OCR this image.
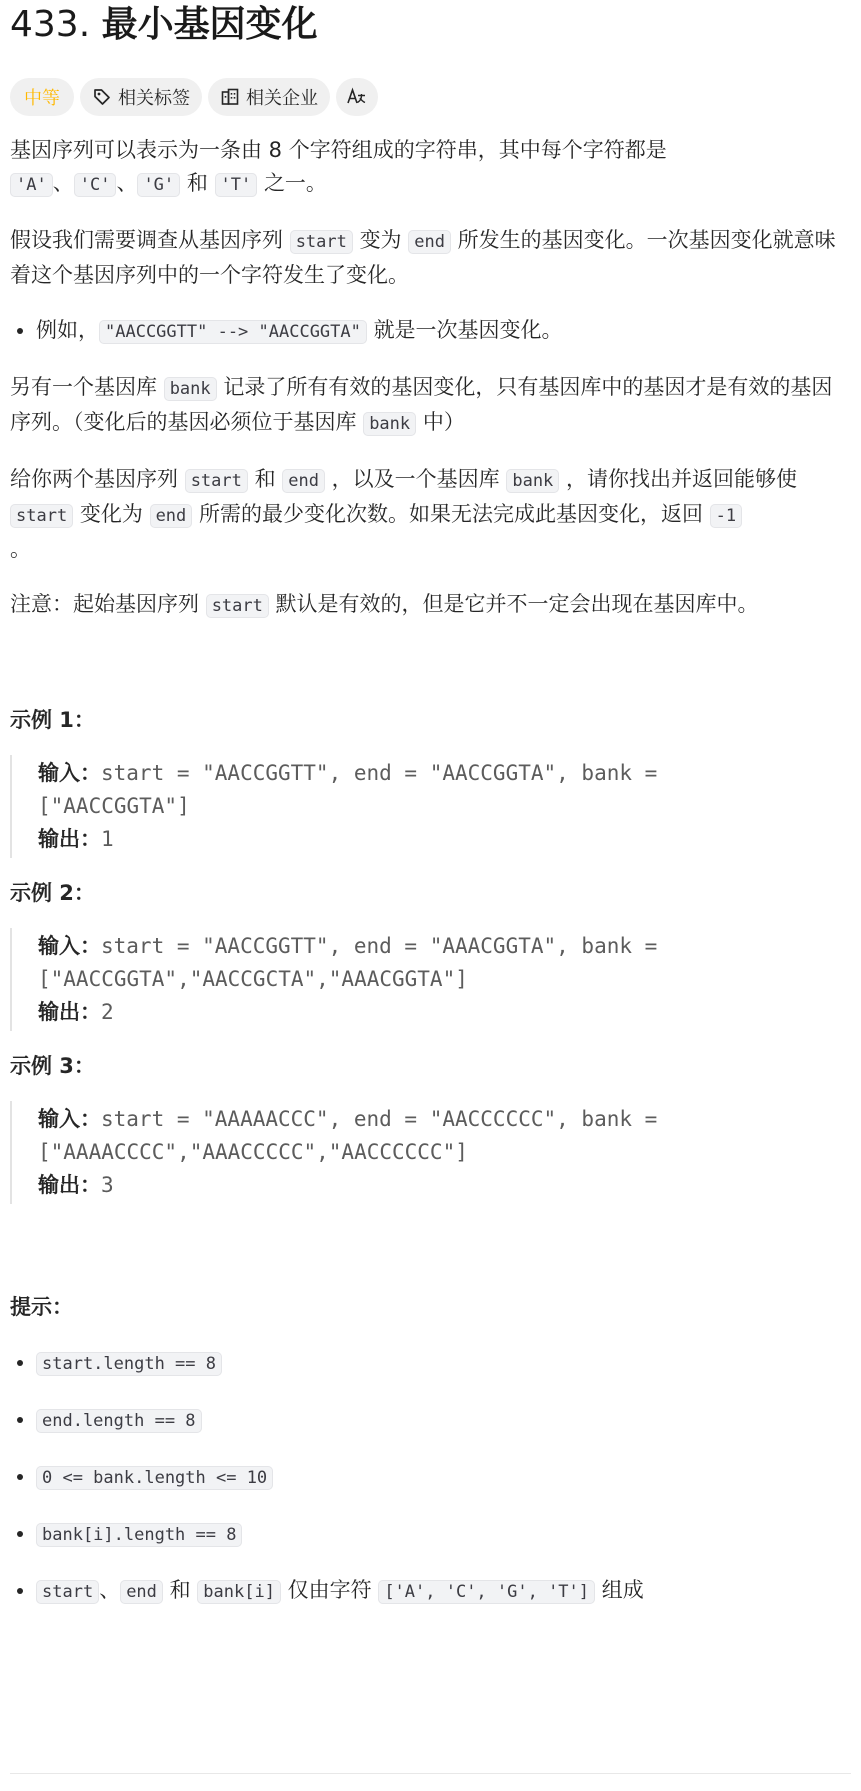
433. 最小基因变化
中等	相关标签	相关企业

基因序列可以表示为一条由 8 个字符组成的字符串，其中每个字符都是
'A' 、 'C' 、 'G' 和 'T' 之一。

假设我们需要调查从基因序列 start 变为 end 所发生的基因变化。一次基因变化就意味着这个基因序列中的一个字符发生了变化。

• 例如， "AACCGGTT" --> "AACCGGTA" 就是一次基因变化。

另有一个基因库 bank 记录了所有有效的基因变化，只有基因库中的基因才是有效的基因序列。（变化后的基因必须位于基因库 bank 中）

给你两个基因序列 start 和 end ，以及一个基因库 bank ，请你找出并返回能够使 start 变化为 end 所需的最少变化次数。如果无法完成此基因变化，返回 -1
。

注意：起始基因序列 start 默认是有效的，但是它并不一定会出现在基因库中。

示例 1：
输入：start = "AACCGGTT", end = "AACCGGTA", bank =
["AACCGGTA"]
输出：1
示例 2：
输入：start = "AACCGGTT", end = "AAACGGTA", bank =
["AACCGGTA","AACCGCTA","AAACGGTA"]
输出：2
示例 3：
输入：start = "AAAAACCC", end = "AACCCCCC", bank =
["AAAACCCC","AAACCCCC","AACCCCCC"]
输出：3
提示：
• start.length == 8
• end.length == 8
• 0 <= bank.length <= 10
• bank[i].length == 8
• start 、 end 和 bank[i] 仅由字符 ['A', 'C', 'G', 'T'] 组成
